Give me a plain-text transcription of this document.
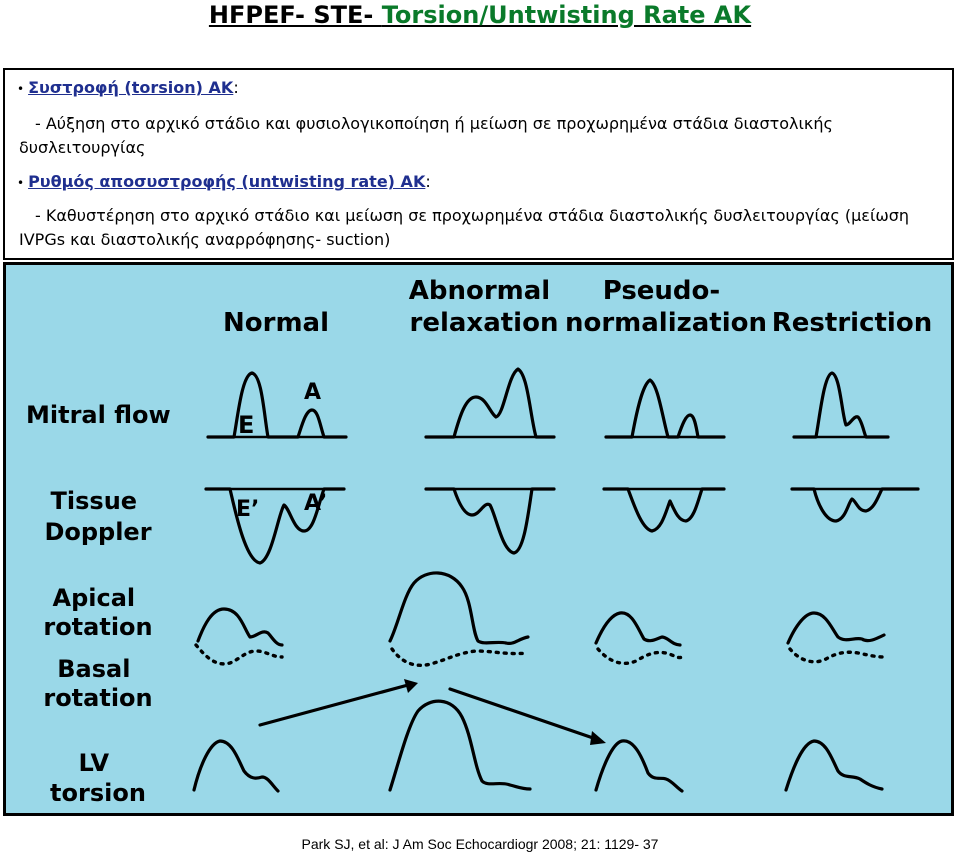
HFPEF- STE- Torsion/Untwisting Rate AK
• Συστροφή (torsion) ΑΚ:
- Αύξηση στο αρχικό στάδιο και φυσιολογικοποίηση ή μείωση σε προχωρημένα στάδια διαστολικής δυσλειτουργίας
• Ρυθμός αποσυστροφής (untwisting rate) ΑΚ:
- Καθυστέρηση στο αρχικό στάδιο και μείωση σε προχωρημένα στάδια διαστολικής δυσλειτουργίας (μείωση IVPGs και διαστολικής αναρρόφησης- suction)
Normal
Abnormal relaxation
Pseudo- normalization Restriction
Mitral flow
Tissue Doppler
Apical rotation
Basal rotation
LV torsion
E
A
E’ A’
Park SJ, et al: J Am Soc Echocardiogr 2008; 21: 1129- 37
